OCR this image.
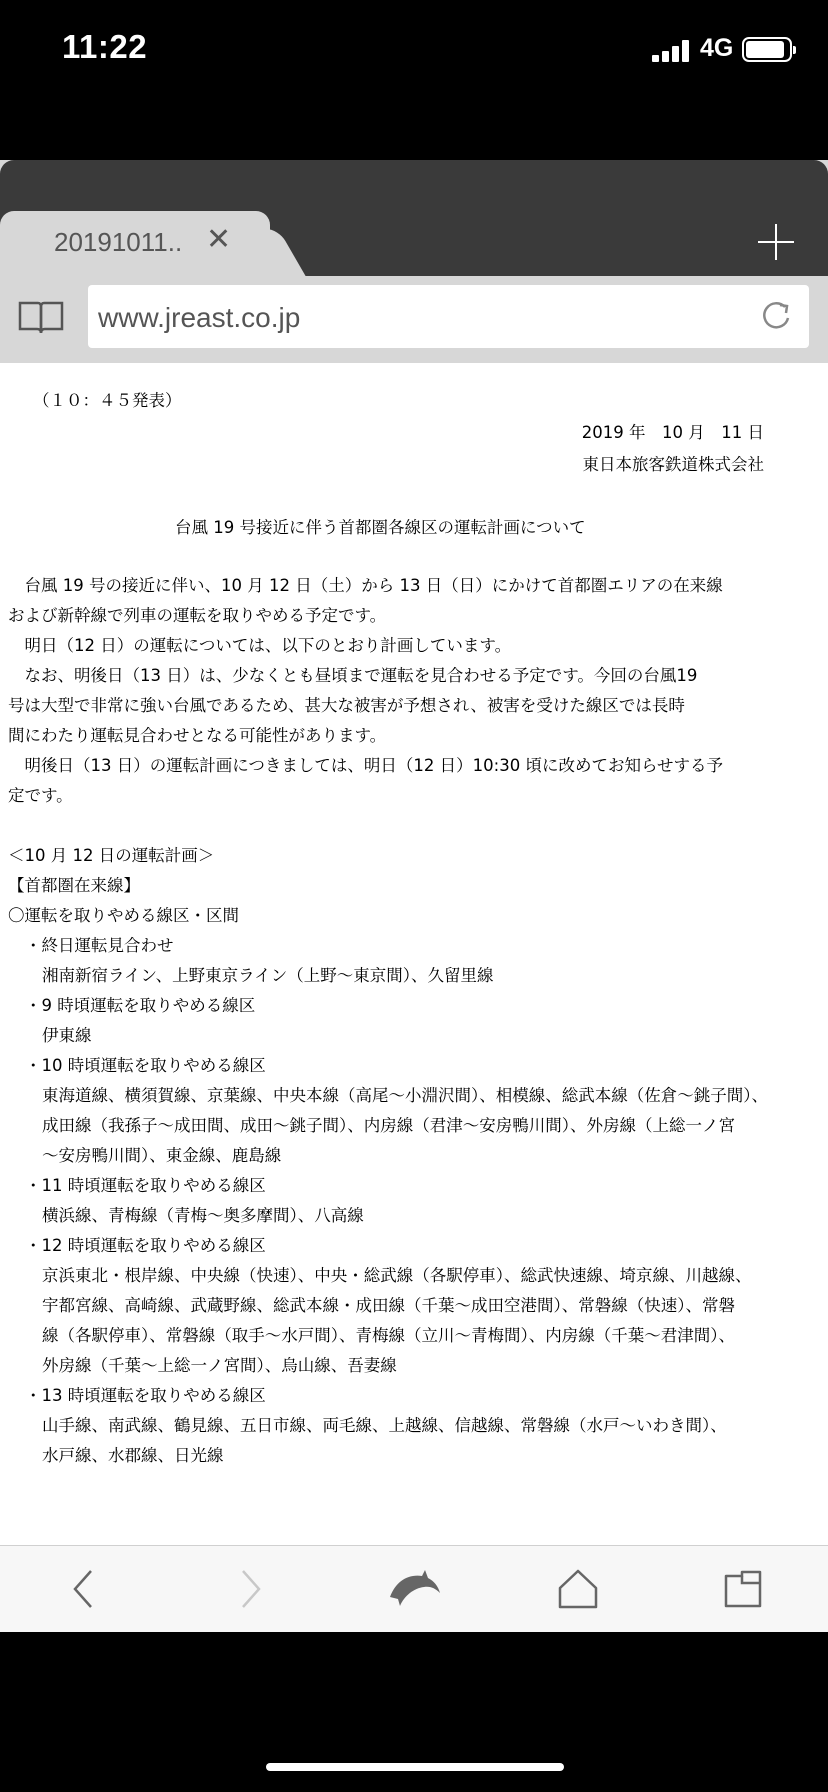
11:22	4G
20191011.. ✕
www.jreast.co.jp
（１０：４５発表）
2019 年　10 月　11 日
東日本旅客鉄道株式会社
台風 19 号接近に伴う首都圏各線区の運転計画について
　台風 19 号の接近に伴い、10 月 12 日（土）から 13 日（日）にかけて首都圏エリアの在来線
および新幹線で列車の運転を取りやめる予定です。
　明日（12 日）の運転については、以下のとおり計画しています。
　なお、明後日（13 日）は、少なくとも昼頃まで運転を見合わせる予定です。今回の台風19
号は大型で非常に強い台風であるため、甚大な被害が予想され、被害を受けた線区では長時
間にわたり運転見合わせとなる可能性があります。
　明後日（13 日）の運転計画につきましては、明日（12 日）10:30 頃に改めてお知らせする予
定です。
＜10 月 12 日の運転計画＞
【首都圏在来線】
〇運転を取りやめる線区・区間
・終日運転見合わせ
湘南新宿ライン、上野東京ライン（上野～東京間）、久留里線
・9 時頃運転を取りやめる線区
伊東線
・10 時頃運転を取りやめる線区
東海道線、横須賀線、京葉線、中央本線（高尾～小淵沢間）、相模線、総武本線（佐倉～銚子間）、
成田線（我孫子～成田間、成田～銚子間）、内房線（君津～安房鴨川間）、外房線（上総一ノ宮
～安房鴨川間）、東金線、鹿島線
・11 時頃運転を取りやめる線区
横浜線、青梅線（青梅～奥多摩間）、八高線
・12 時頃運転を取りやめる線区
京浜東北・根岸線、中央線（快速）、中央・総武線（各駅停車）、総武快速線、埼京線、川越線、
宇都宮線、高崎線、武蔵野線、総武本線・成田線（千葉～成田空港間）、常磐線（快速）、常磐
線（各駅停車）、常磐線（取手～水戸間）、青梅線（立川～青梅間）、内房線（千葉～君津間）、
外房線（千葉～上総一ノ宮間）、烏山線、吾妻線
・13 時頃運転を取りやめる線区
山手線、南武線、鶴見線、五日市線、両毛線、上越線、信越線、常磐線（水戸～いわき間）、
水戸線、水郡線、日光線
